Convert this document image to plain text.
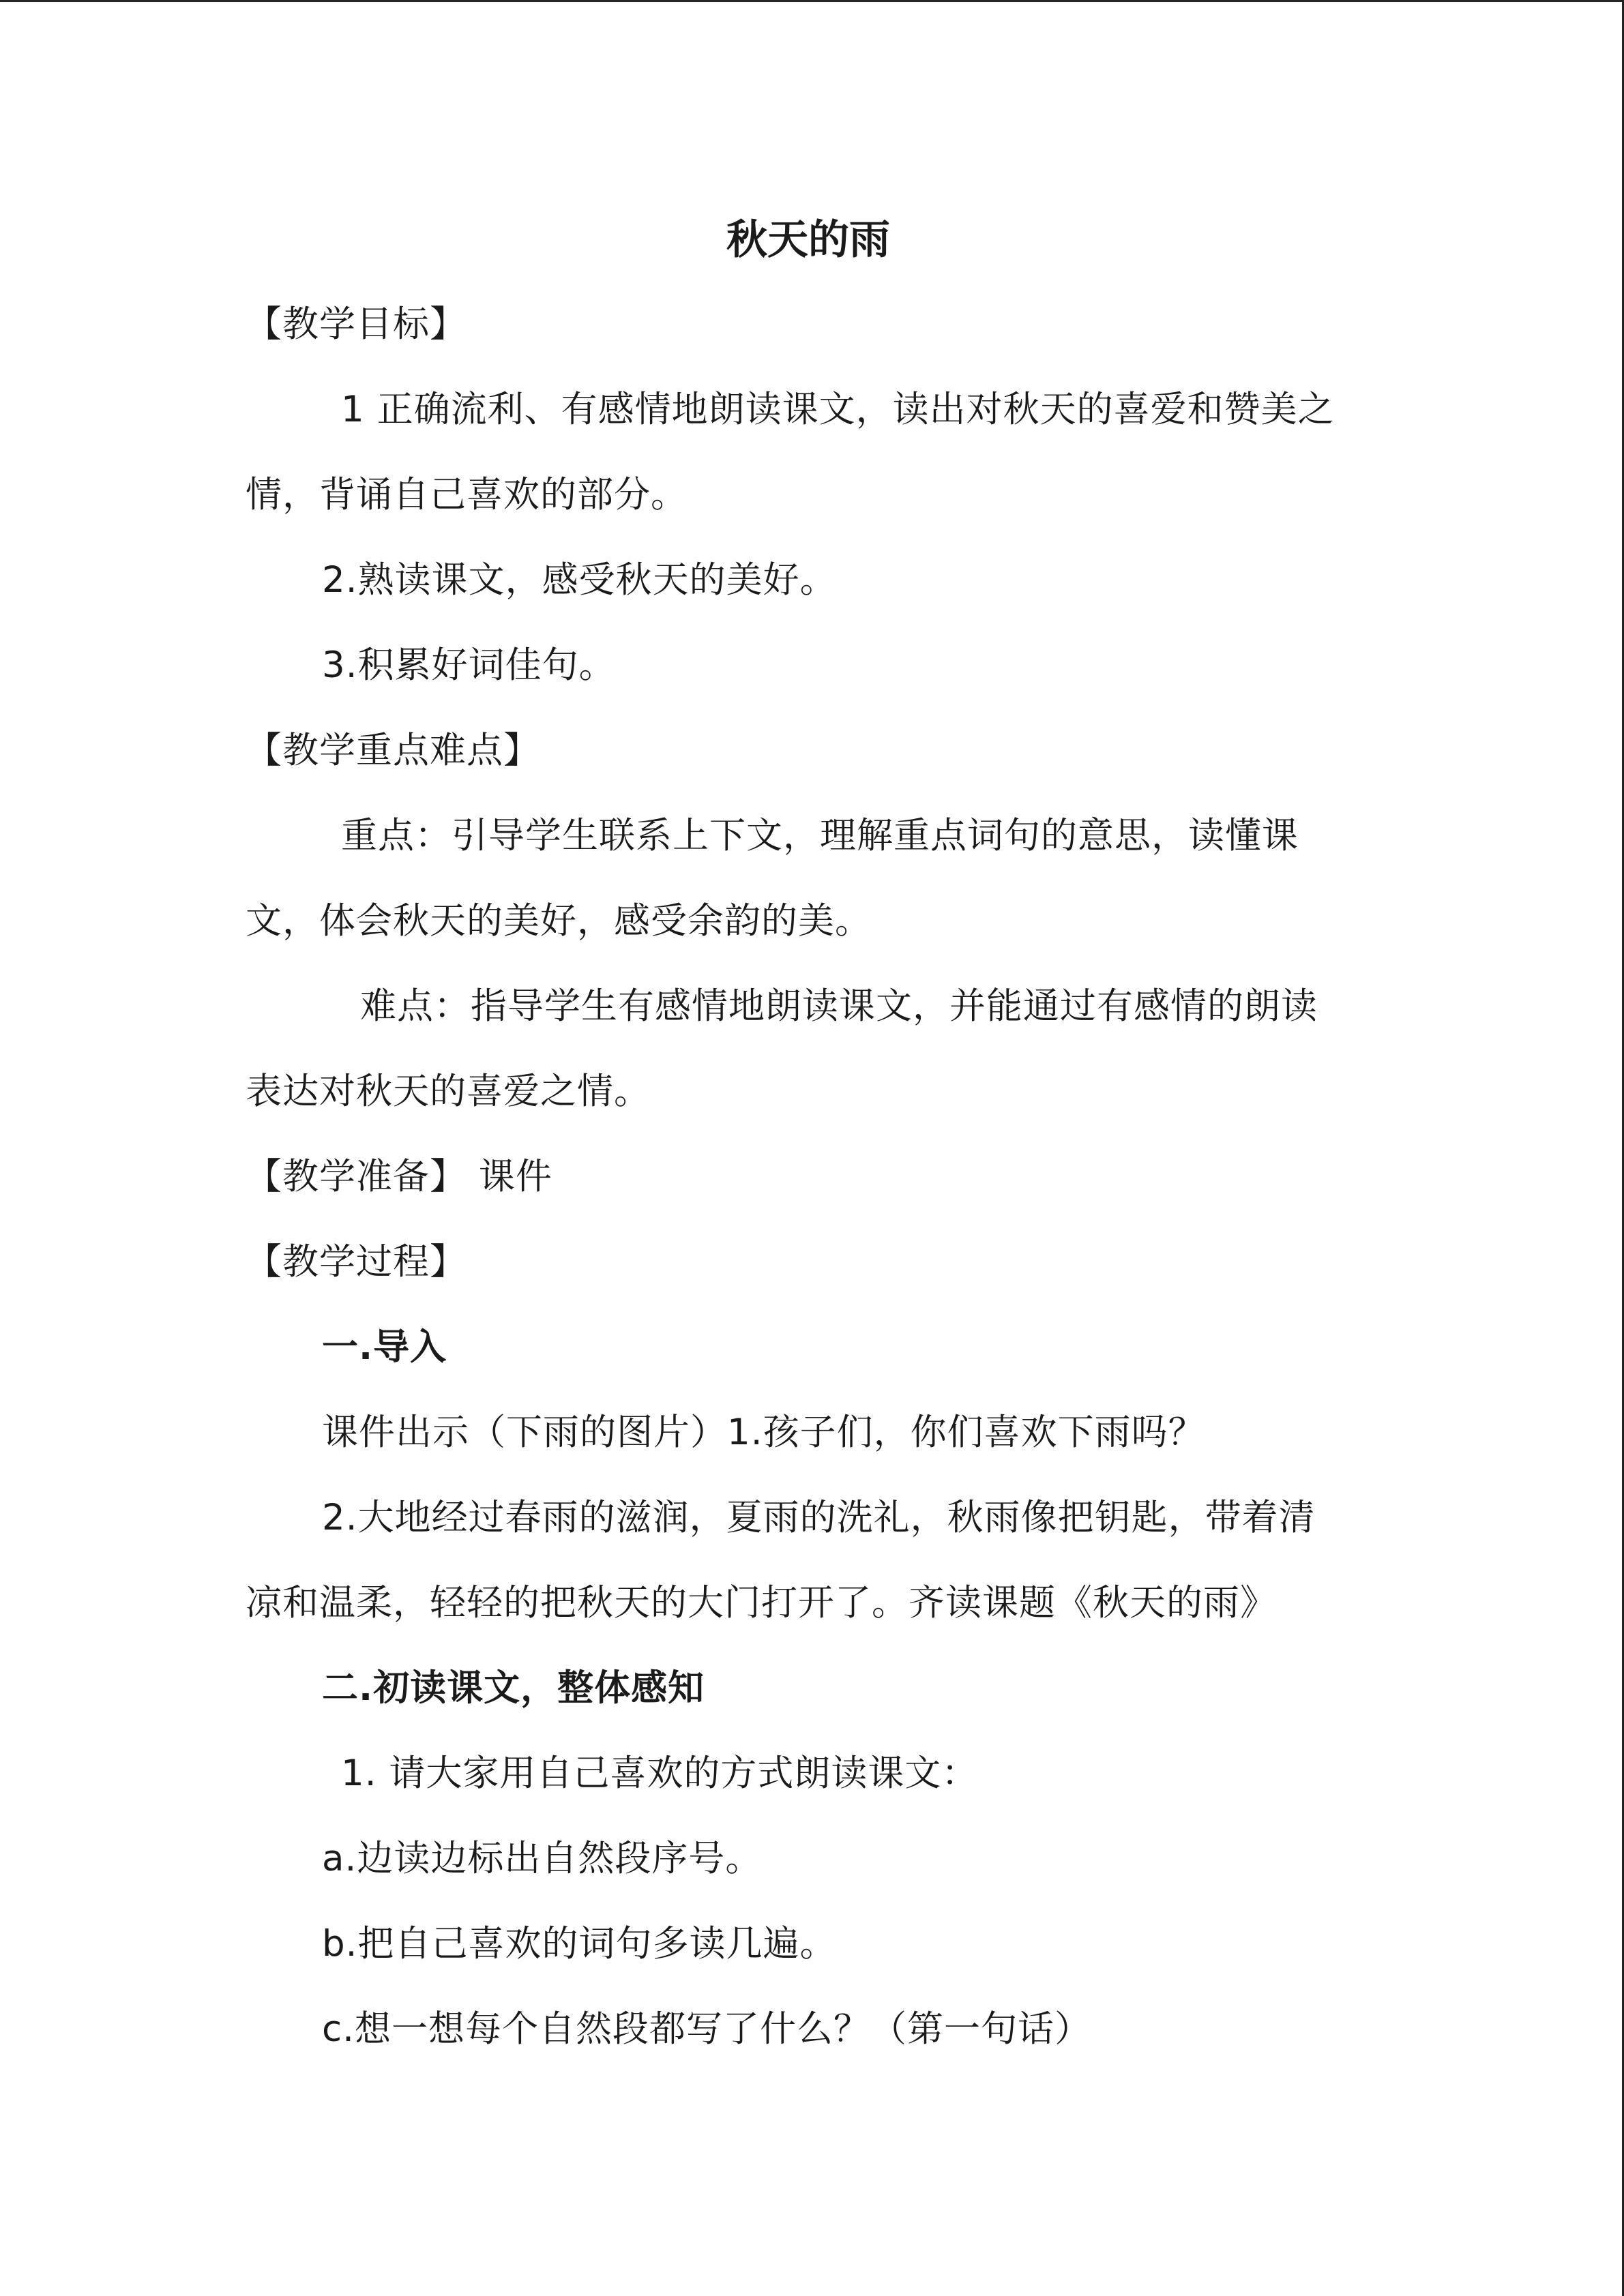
秋天的雨
【教学目标】
1 正确流利、有感情地朗读课文，读出对秋天的喜爱和赞美之
情，背诵自己喜欢的部分。
2.熟读课文，感受秋天的美好。
3.积累好词佳句。
【教学重点难点】
重点：引导学生联系上下文，理解重点词句的意思，读懂课
文，体会秋天的美好，感受余韵的美。
难点：指导学生有感情地朗读课文，并能通过有感情的朗读
表达对秋天的喜爱之情。
【教学准备】 课件
【教学过程】
一.导入
课件出示（下雨的图片）1.孩子们，你们喜欢下雨吗？
2.大地经过春雨的滋润，夏雨的洗礼，秋雨像把钥匙，带着清
凉和温柔，轻轻的把秋天的大门打开了。齐读课题《秋天的雨》
二.初读课文，整体感知
1. 请大家用自己喜欢的方式朗读课文：
a.边读边标出自然段序号。
b.把自己喜欢的词句多读几遍。
c.想一想每个自然段都写了什么？（第一句话）
